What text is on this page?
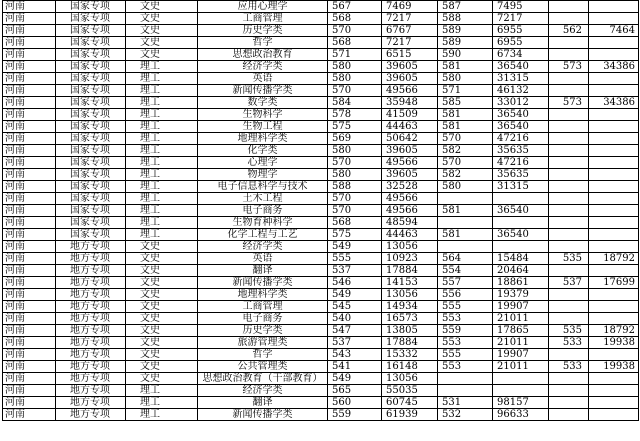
河南	国家专项	文史	应用心理学	567	7469	587	7495		
河南	国家专项	文史	工商管理	568	7217	588	7217		
河南	国家专项	文史	历史学类	570	6767	589	6955	562	7464
河南	国家专项	文史	哲学	568	7217	589	6955		
河南	国家专项	文史	思想政治教育	571	6515	590	6734		
河南	国家专项	理工	经济学类	580	39605	581	36540	573	34386
河南	国家专项	理工	英语	580	39605	580	31315		
河南	国家专项	理工	新闻传播学类	570	49566	571	46132		
河南	国家专项	理工	数学类	584	35948	585	33012	573	34386
河南	国家专项	理工	生物科学	578	41509	581	36540		
河南	国家专项	理工	生物工程	575	44463	581	36540		
河南	国家专项	理工	地理科学类	569	50642	570	47216		
河南	国家专项	理工	化学类	580	39605	582	35635		
河南	国家专项	理工	心理学	570	49566	570	47216		
河南	国家专项	理工	物理学	580	39605	582	35635		
河南	国家专项	理工	电子信息科学与技术	588	32528	580	31315		
河南	国家专项	理工	土木工程	570	49566				
河南	国家专项	理工	电子商务	570	49566	581	36540		
河南	国家专项	理工	生物育种科学	568	48594				
河南	国家专项	理工	化学工程与工艺	575	44463	581	36540		
河南	地方专项	文史	经济学类	549	13056				
河南	地方专项	文史	英语	555	10923	564	15484	535	18792
河南	地方专项	文史	翻译	537	17884	554	20464		
河南	地方专项	文史	新闻传播学类	546	14153	557	18861	537	17699
河南	地方专项	文史	地理科学类	549	13056	556	19379		
河南	地方专项	文史	工商管理	545	14934	555	19907		
河南	地方专项	文史	电子商务	540	16573	553	21011		
河南	地方专项	文史	历史学类	547	13805	559	17865	535	18792
河南	地方专项	文史	旅游管理类	537	17884	553	21011	533	19938
河南	地方专项	文史	哲学	543	15332	555	19907		
河南	地方专项	文史	公共管理类	541	16148	553	21011	533	19938
河南	地方专项	文史	思想政治教育（干部教育）	549	13056				
河南	地方专项	理工	经济学类	565	55035				
河南	地方专项	理工	翻译	560	60745	531	98157		
河南	地方专项	理工	新闻传播学类	559	61939	532	96633		
